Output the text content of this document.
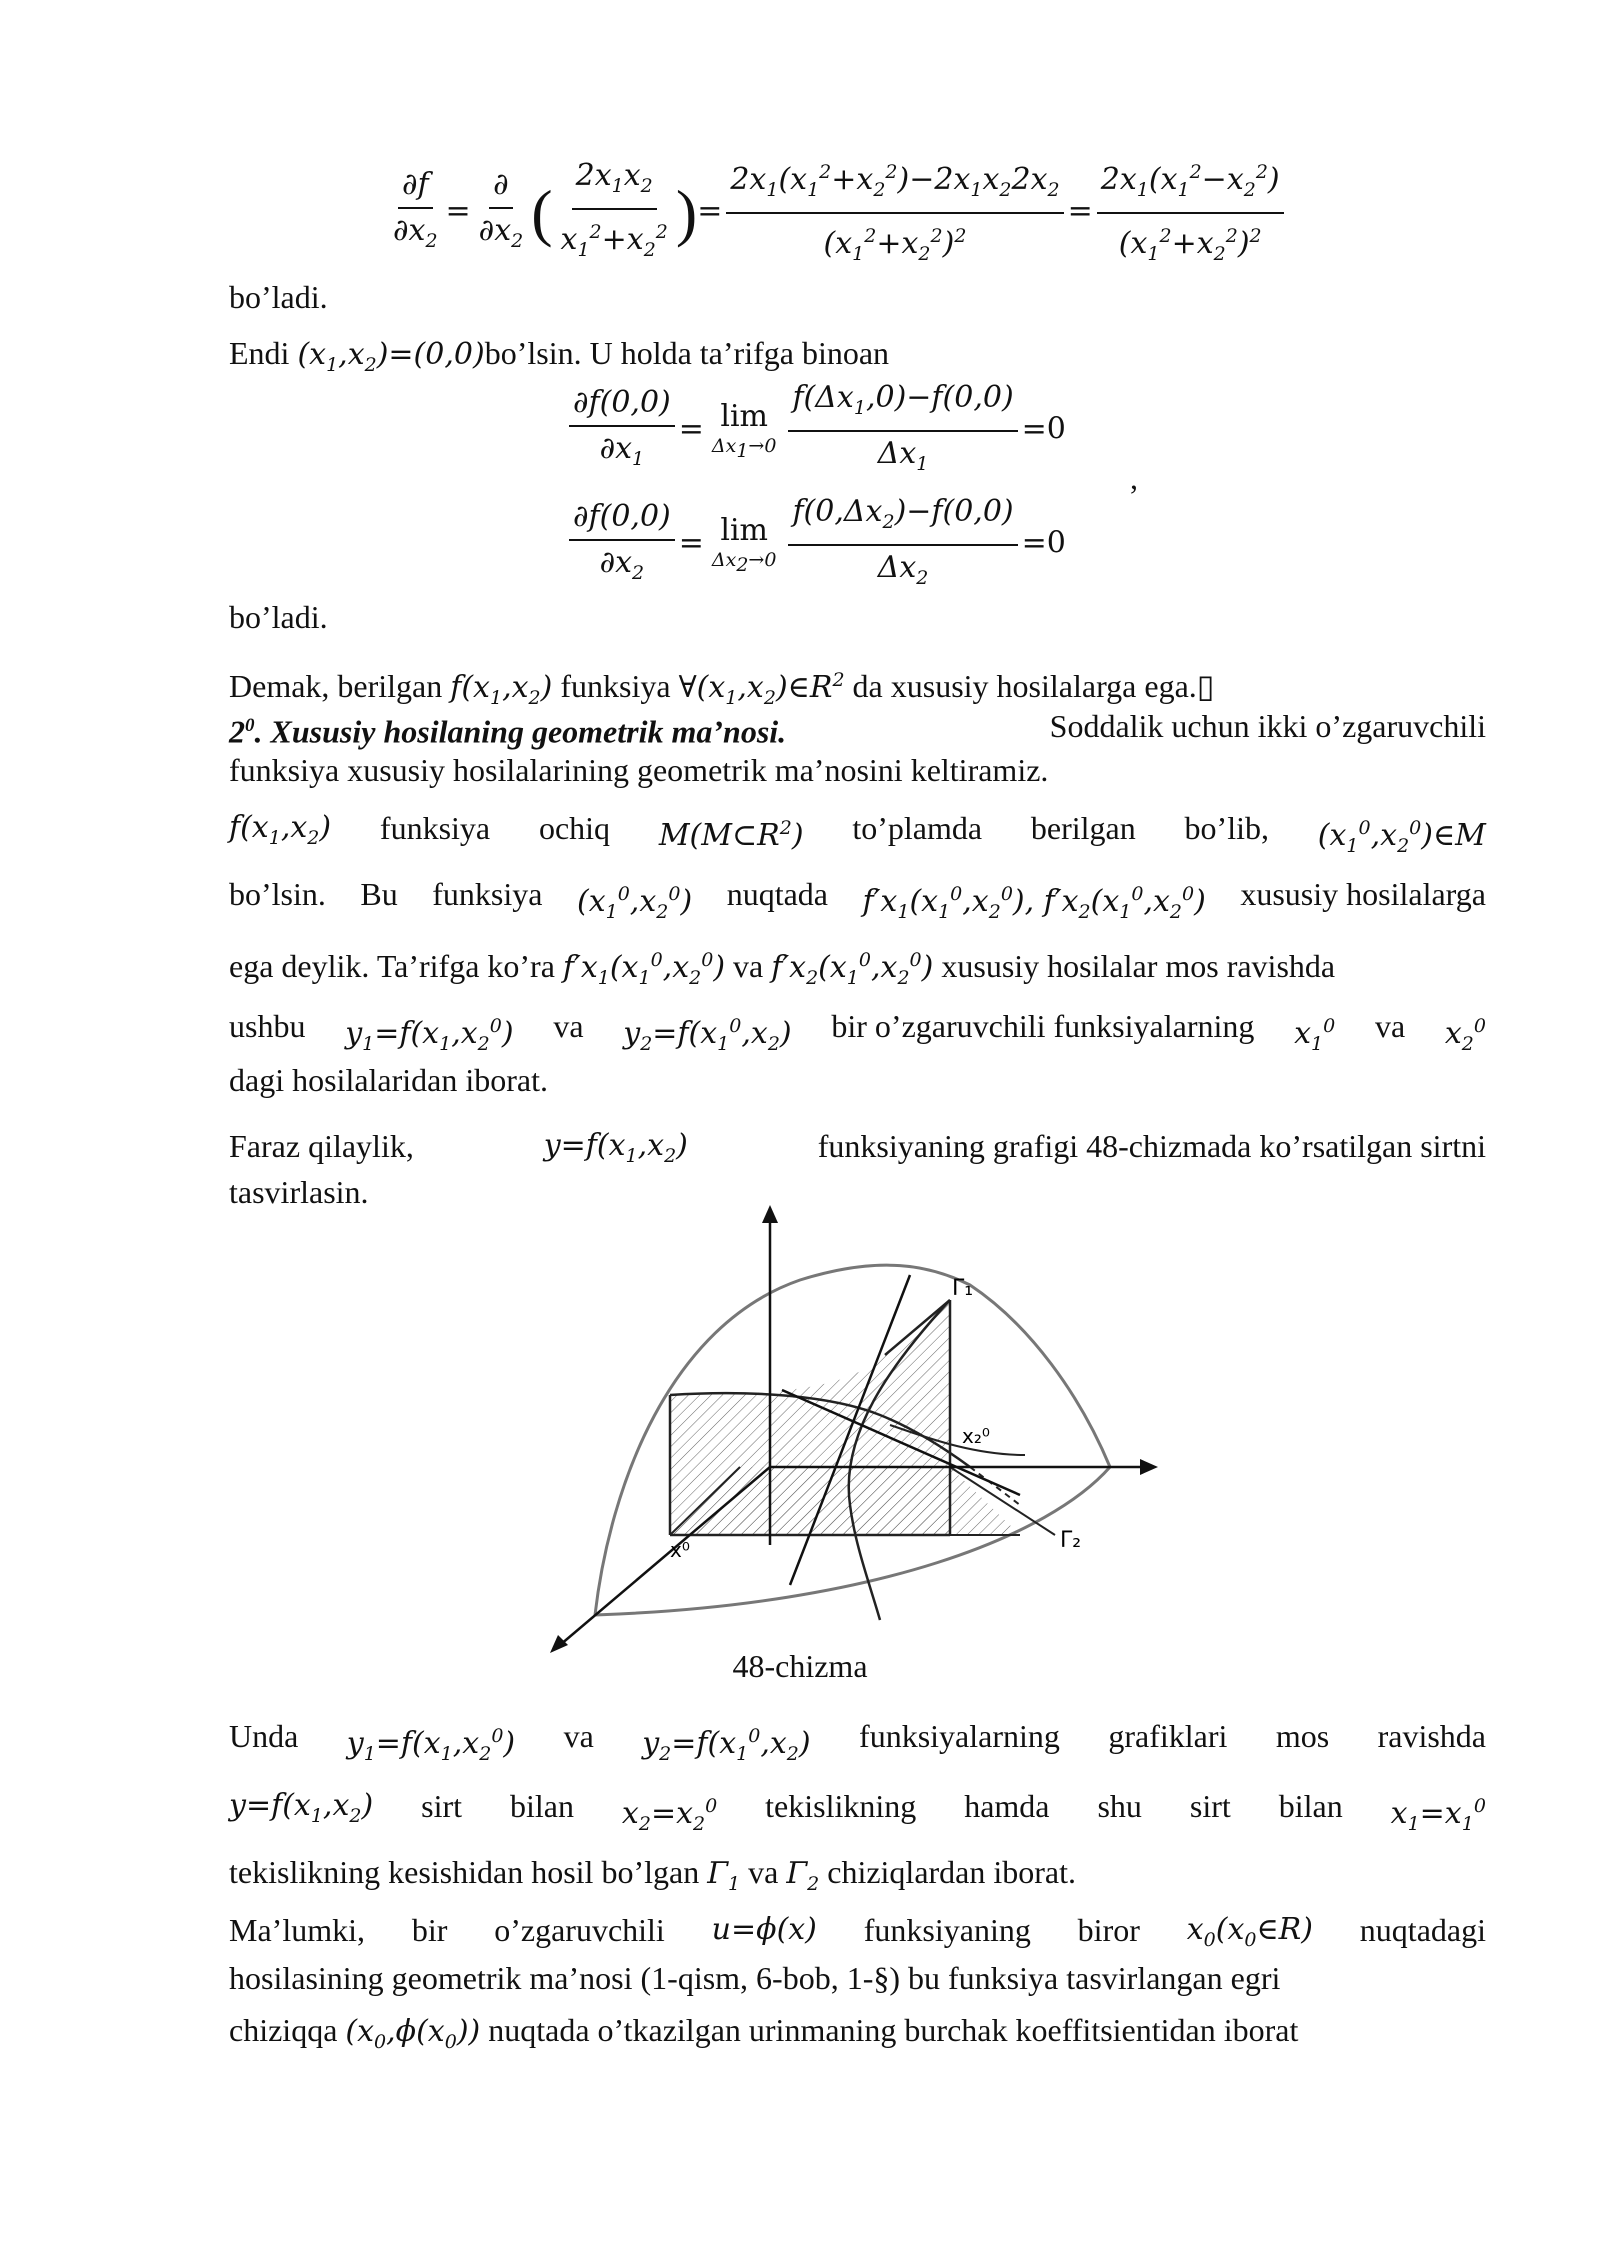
$\frac{\partial f}{\partial x_2} = \frac{\partial}{\partial x_2}$ ( $\frac{2x_1x_2}{x_1^2+x_2^2}$ )= $\frac{2x_1(x_1^2+x_2^2)-2x_1x_22x_2}{(x_1^2+x_2^2)^2} = \frac{2x_1(x_1^2-x_2^2)}{(x_1^2+x_2^2)^2}$
bo’ladi.
Endi $(x_1,x_2)=(0,0)bo’lsin$. U holda ta’rifga binoan
$\frac{\partial f(0,0)}{\partial x_1} = \lim$
$\Delta x_1\to 0 \frac{f(\Delta x_1,0)-f(0,0)}{\Delta x_1} =0$
,
$\frac{\partial f(0,0)}{\partial x_2} = \lim$
$\Delta x_2\to 0 \frac{f(0,\Delta x_2)-f(0,0)}{\Delta x_2} =0$
bo’ladi.
Demak, berilgan $f(x_1,x_2)$ funksiya $\forall(x_1,x_2)\in R^2$ da xususiy hosilalarga ega.▯
$2^0$. Xususiy hosilaning geometrik ma’nosi.	Soddalik uchun ikki o’zgaruvchili
funksiya xususiy hosilalarining geometrik ma’nosini keltiramiz.
$f(x_1,x_2)$ funksiya ochiq $M(M\subset R^2)$ to’plamda berilgan bo’lib, $(x_1^0,x_2^0)\in M$
bo’lsin. Bu funksiya $(x_1^0,x_2^0)$ nuqtada $f'x_1(x_1^0,x_2^0)$, $f'x_2(x_1^0,x_2^0)$ xususiy hosilalarga
ega deylik. Ta’rifga ko’ra $f'x_1(x_1^0,x_2^0)$ va $f'x_2(x_1^0,x_2^0)$ xususiy hosilalar mos ravishda
ushbu $y_1=f(x_1,x_2^0)$ va $y_2=f(x_1^0,x_2)$ bir o’zgaruvchili funksiyalarning $x_1^0$ va $x_2^0$
dagi hosilalaridan iborat.
Faraz qilaylik,	$y=f(x_1,x_2)$	funksiyaning grafigi 48-chizmada ko’rsatilgan sirtni
tasvirlasin.
Γ₁
Γ₂
x₂⁰
x⁰
48-chizma
Unda $y_1=f(x_1,x_2^0)$ va $y_2=f(x_1^0,x_2)$ funksiyalarning grafiklari mos ravishda
$y=f(x_1,x_2)$ sirt bilan $x_2=x_2^0$ tekislikning hamda shu sirt bilan $x_1=x_1^0$
tekislikning kesishidan hosil bo’lgan $\Gamma_1$ va $\Gamma_2$ chiziqlardan iborat.
Ma’lumki, bir o’zgaruvchili u=ϕ(x) funksiyaning biror $x_0(x_0\in R)$ nuqtadagi
hosilasining geometrik ma’nosi (1-qism, 6-bob, 1-§) bu funksiya tasvirlangan egri
chiziqqa $(x_0,\phi(x_0))$ nuqtada o’tkazilgan urinmaning burchak koeffitsientidan iborat
